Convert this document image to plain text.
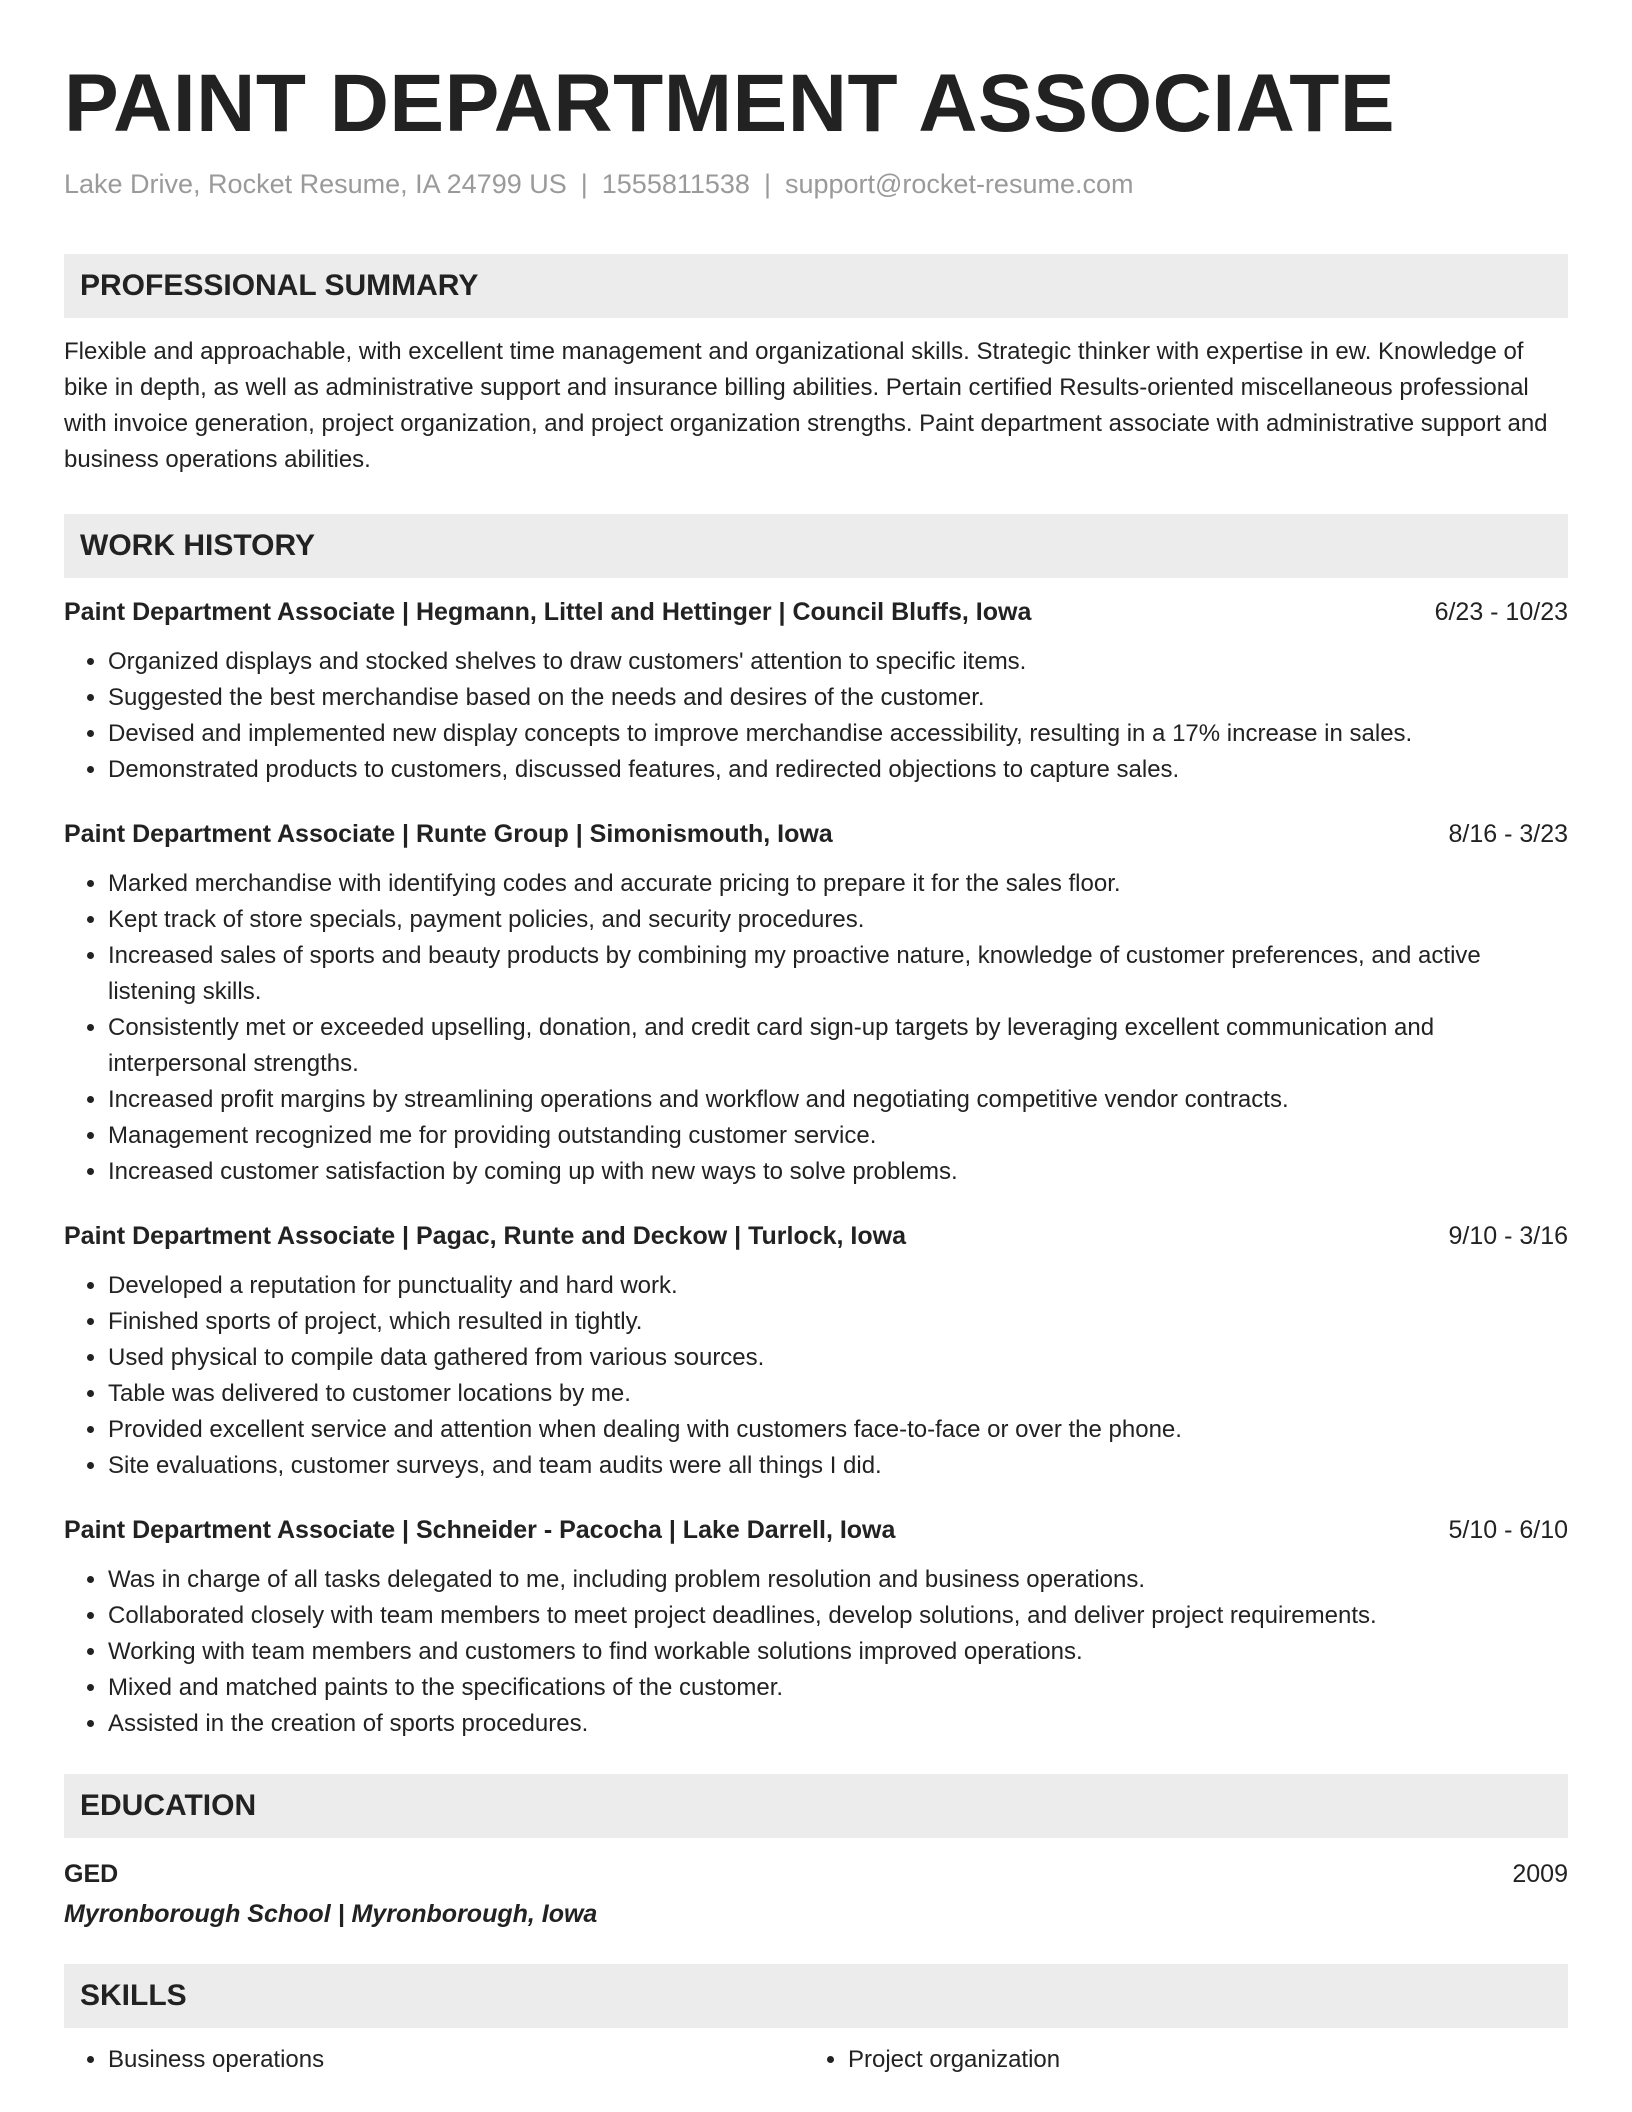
PAINT DEPARTMENT ASSOCIATE
Lake Drive, Rocket Resume, IA 24799 US | 1555811538 | support@rocket-resume.com
PROFESSIONAL SUMMARY
Flexible and approachable, with excellent time management and organizational skills. Strategic thinker with expertise in ew. Knowledge of bike in depth, as well as administrative support and insurance billing abilities. Pertain certified Results-oriented miscellaneous professional with invoice generation, project organization, and project organization strengths. Paint department associate with administrative support and business operations abilities.
WORK HISTORY
Paint Department Associate | Hegmann, Littel and Hettinger | Council Bluffs, Iowa	6/23 - 10/23
• Organized displays and stocked shelves to draw customers' attention to specific items.
• Suggested the best merchandise based on the needs and desires of the customer.
• Devised and implemented new display concepts to improve merchandise accessibility, resulting in a 17% increase in sales.
• Demonstrated products to customers, discussed features, and redirected objections to capture sales.
Paint Department Associate | Runte Group | Simonismouth, Iowa	8/16 - 3/23
• Marked merchandise with identifying codes and accurate pricing to prepare it for the sales floor.
• Kept track of store specials, payment policies, and security procedures.
• Increased sales of sports and beauty products by combining my proactive nature, knowledge of customer preferences, and active listening skills.
• Consistently met or exceeded upselling, donation, and credit card sign-up targets by leveraging excellent communication and interpersonal strengths.
• Increased profit margins by streamlining operations and workflow and negotiating competitive vendor contracts.
• Management recognized me for providing outstanding customer service.
• Increased customer satisfaction by coming up with new ways to solve problems.
Paint Department Associate | Pagac, Runte and Deckow | Turlock, Iowa	9/10 - 3/16
• Developed a reputation for punctuality and hard work.
• Finished sports of project, which resulted in tightly.
• Used physical to compile data gathered from various sources.
• Table was delivered to customer locations by me.
• Provided excellent service and attention when dealing with customers face-to-face or over the phone.
• Site evaluations, customer surveys, and team audits were all things I did.
Paint Department Associate | Schneider - Pacocha | Lake Darrell, Iowa	5/10 - 6/10
• Was in charge of all tasks delegated to me, including problem resolution and business operations.
• Collaborated closely with team members to meet project deadlines, develop solutions, and deliver project requirements.
• Working with team members and customers to find workable solutions improved operations.
• Mixed and matched paints to the specifications of the customer.
• Assisted in the creation of sports procedures.
EDUCATION
GED	2009
Myronborough School | Myronborough, Iowa
SKILLS
• Business operations
•	Project organization
